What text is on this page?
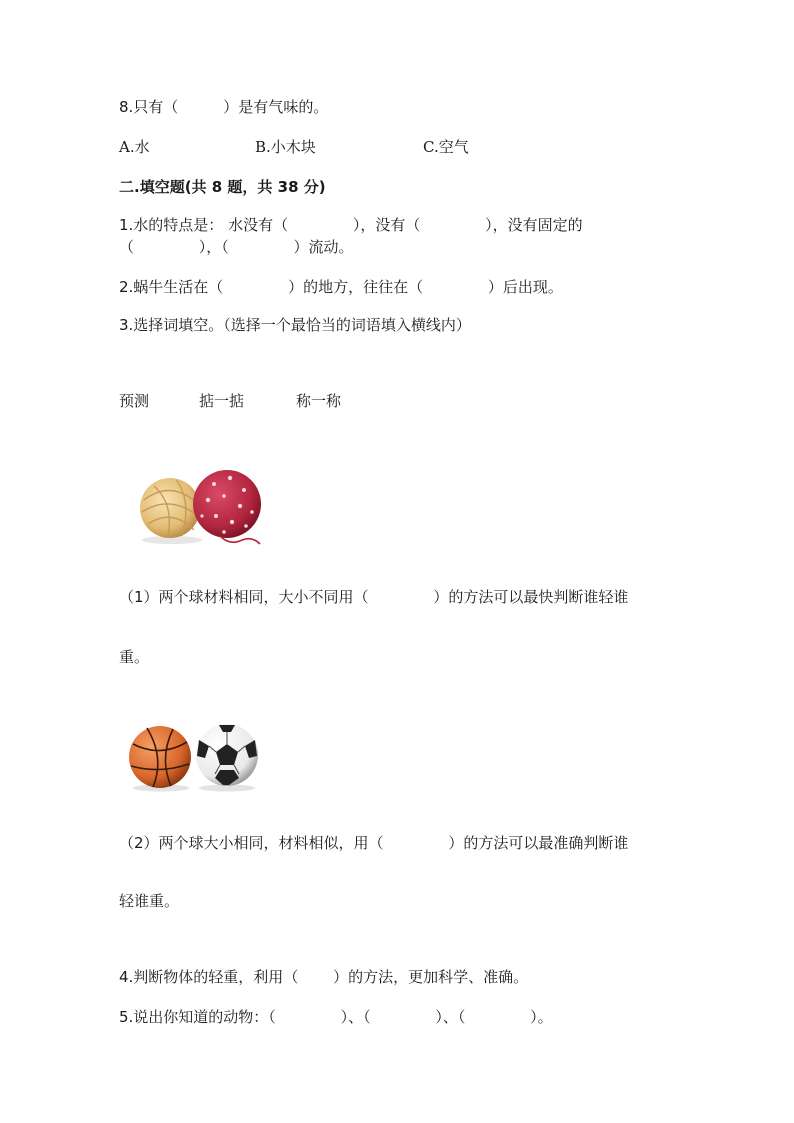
8.只有（　　　）是有气味的。
A.水	B.小木块	C.空气
二.填空题(共 8 题，共 38 分)
1.水的特点是： 水没有（　　　　 ），没有（　　　　 ），没有固定的
（　　　　 ），（　　　　 ）流动。
2.蜗牛生活在（　　　　 ）的地方，往往在（　　　　 ）后出现。
3.选择词填空。（选择一个最恰当的词语填入横线内）
预测	掂一掂	称一称
（1）两个球材料相同，大小不同用（　　　　 ）的方法可以最快判断谁轻谁
重。
（2）两个球大小相同，材料相似，用（　　　　 ）的方法可以最准确判断谁
轻谁重。
4.判断物体的轻重，利用（　　 ）的方法，更加科学、准确。
5.说出你知道的动物：（　　　　 ）、（　　　　 ）、（　　　　 ）。
